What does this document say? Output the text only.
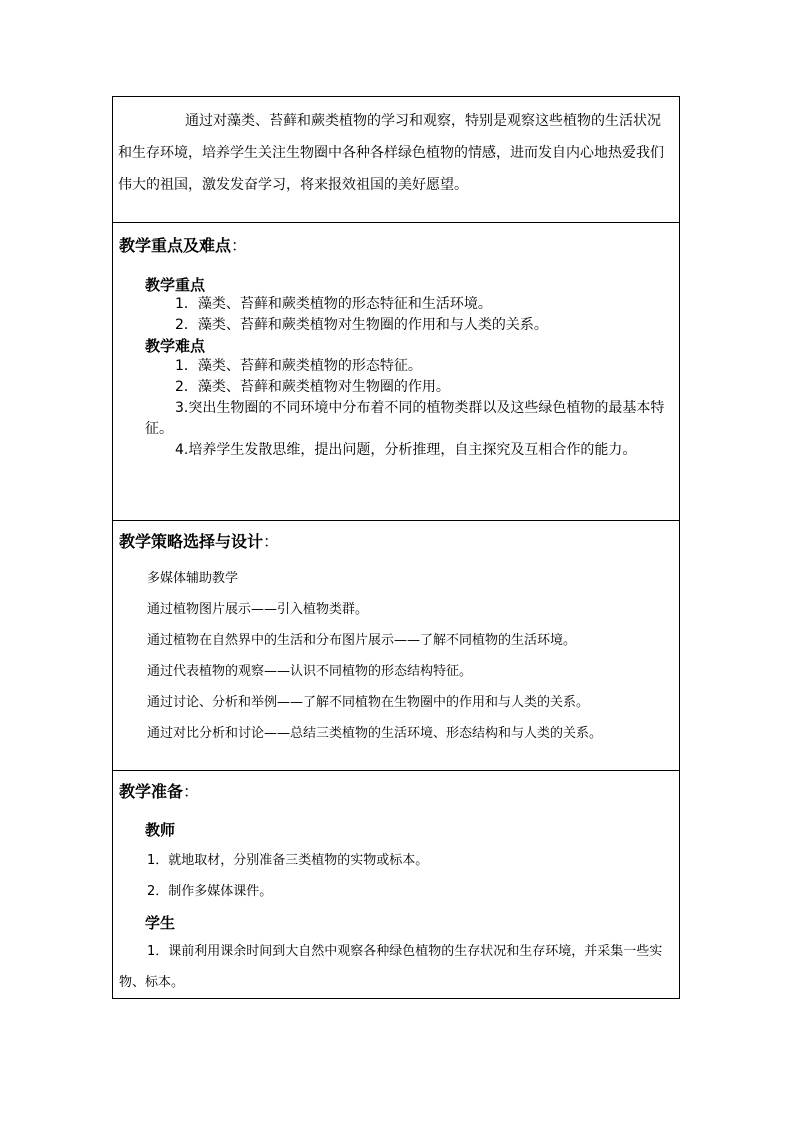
通过对藻类、苔藓和蕨类植物的学习和观察，特别是观察这些植物的生活状况和生存环境，培养学生关注生物圈中各种各样绿色植物的情感，进而发自内心地热爱我们伟大的祖国，激发发奋学习，将来报效祖国的美好愿望。

教学重点及难点：

教学重点

1．藻类、苔藓和蕨类植物的形态特征和生活环境。

2．藻类、苔藓和蕨类植物对生物圈的作用和与人类的关系。

教学难点

1．藻类、苔藓和蕨类植物的形态特征。

2．藻类、苔藓和蕨类植物对生物圈的作用。

3.突出生物圈的不同环境中分布着不同的植物类群以及这些绿色植物的最基本特征。

4.培养学生发散思维，提出问题，分析推理，自主探究及互相合作的能力。

教学策略选择与设计：

多媒体辅助教学

通过植物图片展示——引入植物类群。

通过植物在自然界中的生活和分布图片展示——了解不同植物的生活环境。

通过代表植物的观察——认识不同植物的形态结构特征。

通过讨论、分析和举例——了解不同植物在生物圈中的作用和与人类的关系。

通过对比分析和讨论——总结三类植物的生活环境、形态结构和与人类的关系。

教学准备：

教师

1．就地取材，分别准备三类植物的实物或标本。

2．制作多媒体课件。

学生

1．课前利用课余时间到大自然中观察各种绿色植物的生存状况和生存环境，并采集一些实物、标本。
